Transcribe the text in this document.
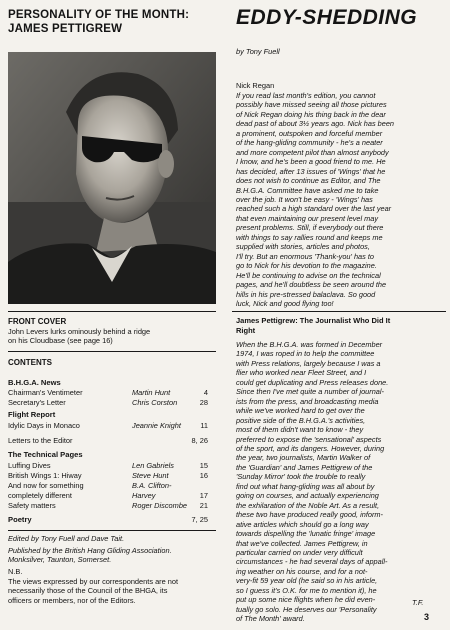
PERSONALITY OF THE MONTH:
JAMES PETTIGREW
FRONT COVER
John Levers lurks ominously behind a ridge
on his Cloudbase (see page 16)
CONTENTS
B.H.G.A. News
Chairman's Ventimeter	Martin Hunt	4
Secretary's Letter	Chris Corston	28
Flight Report
Idylic Days in Monaco	Jeannie Knight	11
Letters to the Editor	8, 26
The Technical Pages
Luffing Dives	Len Gabriels	15
British Wings 1: Hiway	Steve Hunt	16
And now for something	B.A. Clifton-
completely different	Harvey	17
Safety matters	Roger Discombe 21
Poetry	7, 25
Edited by Tony Fuell and Dave Tait.
Published by the British Hang Gliding Association.
Monksilver, Taunton, Somerset.
N.B.
The views expressed by our correspondents are not
necessarily those of the Council of the BHGA, its
officers or members, nor of the Editors.
EDDY-SHEDDING
by Tony Fuell
Nick Regan
If you read last month's edition, you cannot
possibly have missed seeing all those pictures
of Nick Regan doing his thing back in the dear
dead past of about 3½ years ago. Nick has been
a prominent, outspoken and forceful member
of the hang-gliding community - he's a neater
and more competent pilot than almost anybody
I know, and he's been a good friend to me. He
has decided, after 13 issues of 'Wings' that he
does not wish to continue as Editor, and The
B.H.G.A. Committee have asked me to take
over the job. It won't be easy - 'Wings' has
reached such a high standard over the last year
that even maintaining our present level may
present problems. Still, if everybody out there
with things to say rallies round and keeps me
supplied with stories, articles and photos,
I'll try. But an enormous 'Thank-you' has to
go to Nick for his devotion to the magazine.
He'll be continuing to advise on the technical
pages, and he'll doubtless be seen around the
hills in his pre-stressed balaclava. So good
luck, Nick and good flying too!
James Pettigrew: The Journalist Who Did It
Right
When the B.H.G.A. was formed in December
1974, I was roped in to help the committee
with Press relations, largely because I was a
flier who worked near Fleet Street, and I
could get duplicating and Press releases done.
Since then I've met quite a number of journal-
ists from the press, and broadcasting media
while we've worked hard to get over the
positive side of the B.H.G.A.'s activities,
most of them didn't want to know - they
preferred to expose the 'sensational' aspects
of the sport, and its dangers. However, during
the year, two journalists, Martin Walker of
the 'Guardian' and James Pettigrew of the
'Sunday Mirror' took the trouble to really
find out what hang-gliding was all about by
going on courses, and actually experiencing
the exhilaration of the Noble Art. As a result,
these two have produced really good, inform-
ative articles which should go a long way
towards dispelling the 'lunatic fringe' image
that we've collected. James Pettigrew, in
particular carried on under very difficult
circumstances - he had several days of appall-
ing weather on his course, and for a not-
very-fit 59 year old (he said so in his article,
so I guess it's O.K. for me to mention it), he
put up some nice flights when he did even-
tually go solo. He deserves our 'Personality
of The Month' award.
T.F.
3
